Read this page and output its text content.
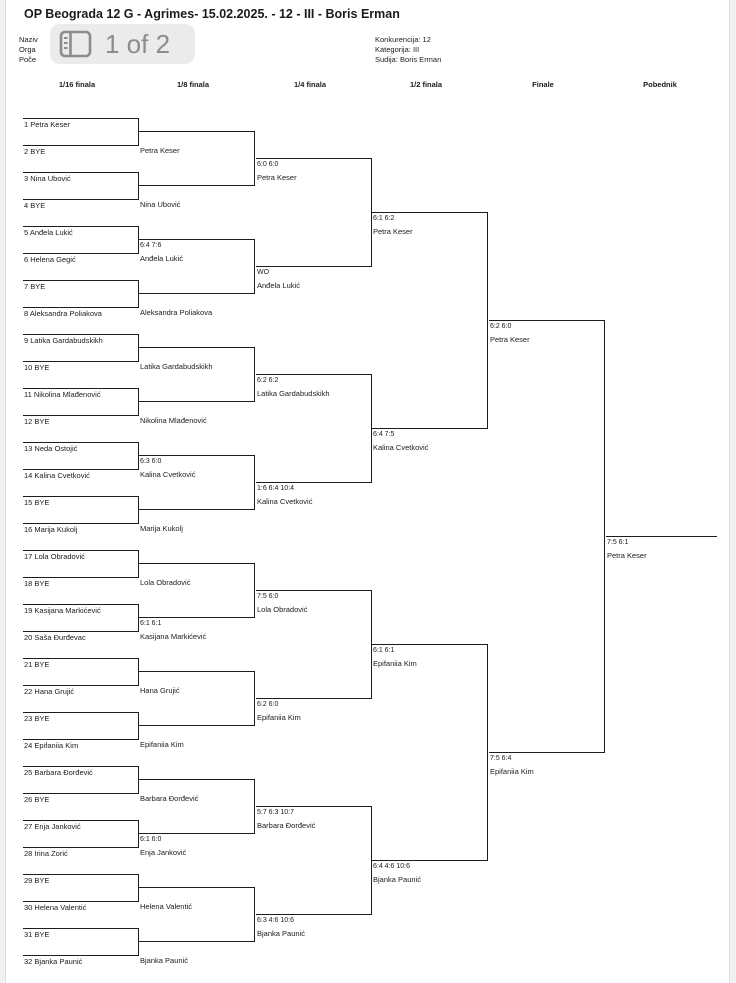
OP Beograda 12 G - Agrimes- 15.02.2025. - 12 - III - Boris Erman
Naziv
Orga
Poče
Konkurencija: 12
Kategorija: III
Sudija: Boris Erman
1/16 finala	1/8 finala	1/4 finala	1/2 finala	Finale	Pobednik
1 Petra Keser
2 BYE
3 Nina Ubović
4 BYE
5 Anđela Lukić
6 Helena Gegić
7 BYE
8 Aleksandra Poliakova
9 Latika Gardabudskikh
10 BYE
11 Nikolina Mlađenović
12 BYE
13 Neda Ostojić
14 Kalina Cvetković
15 BYE
16 Marija Kukolj
17 Lola Obradović
18 BYE
19 Kasijana Markićević
20 Saša Đurđevac
21 BYE
22 Hana Grujić
23 BYE
24 Epifaniia Kim
25 Barbara Đorđević
26 BYE
27 Enja Janković
28 Irina Zorić
29 BYE
30 Helena Valentić
31 BYE
32 Bjanka Paunić
Petra Keser
Nina Ubović
Anđela Lukić
6:4 7:6
Aleksandra Poliakova
Latika Gardabudskikh
Nikolina Mlađenović
Kalina Cvetković
6:3 6:0
Marija Kukolj
Lola Obradović
Kasijana Markićević
6:1 6:1
Hana Grujić
Epifaniia Kim
Barbara Đorđević
Enja Janković
6:1 6:0
Helena Valentić
Bjanka Paunić
Petra Keser
6:0 6:0
Anđela Lukić
WO
Latika Gardabudskikh
6:2 6:2
Kalina Cvetković
1:6 6:4 10:4
Lola Obradović
7:5 6:0
Epifaniia Kim
6:2 6:0
Barbara Đorđević
5:7 6:3 10:7
Bjanka Paunić
6:3 4:6 10:6
Petra Keser
6:1 6:2
Kalina Cvetković
6:4 7:5
Epifaniia Kim
6:1 6:1
Bjanka Paunić
6:4 4:6 10:6
Petra Keser
6:2 6:0
Epifaniia Kim
7:5 6:4
Petra Keser
7:5 6:1
1 of 2
